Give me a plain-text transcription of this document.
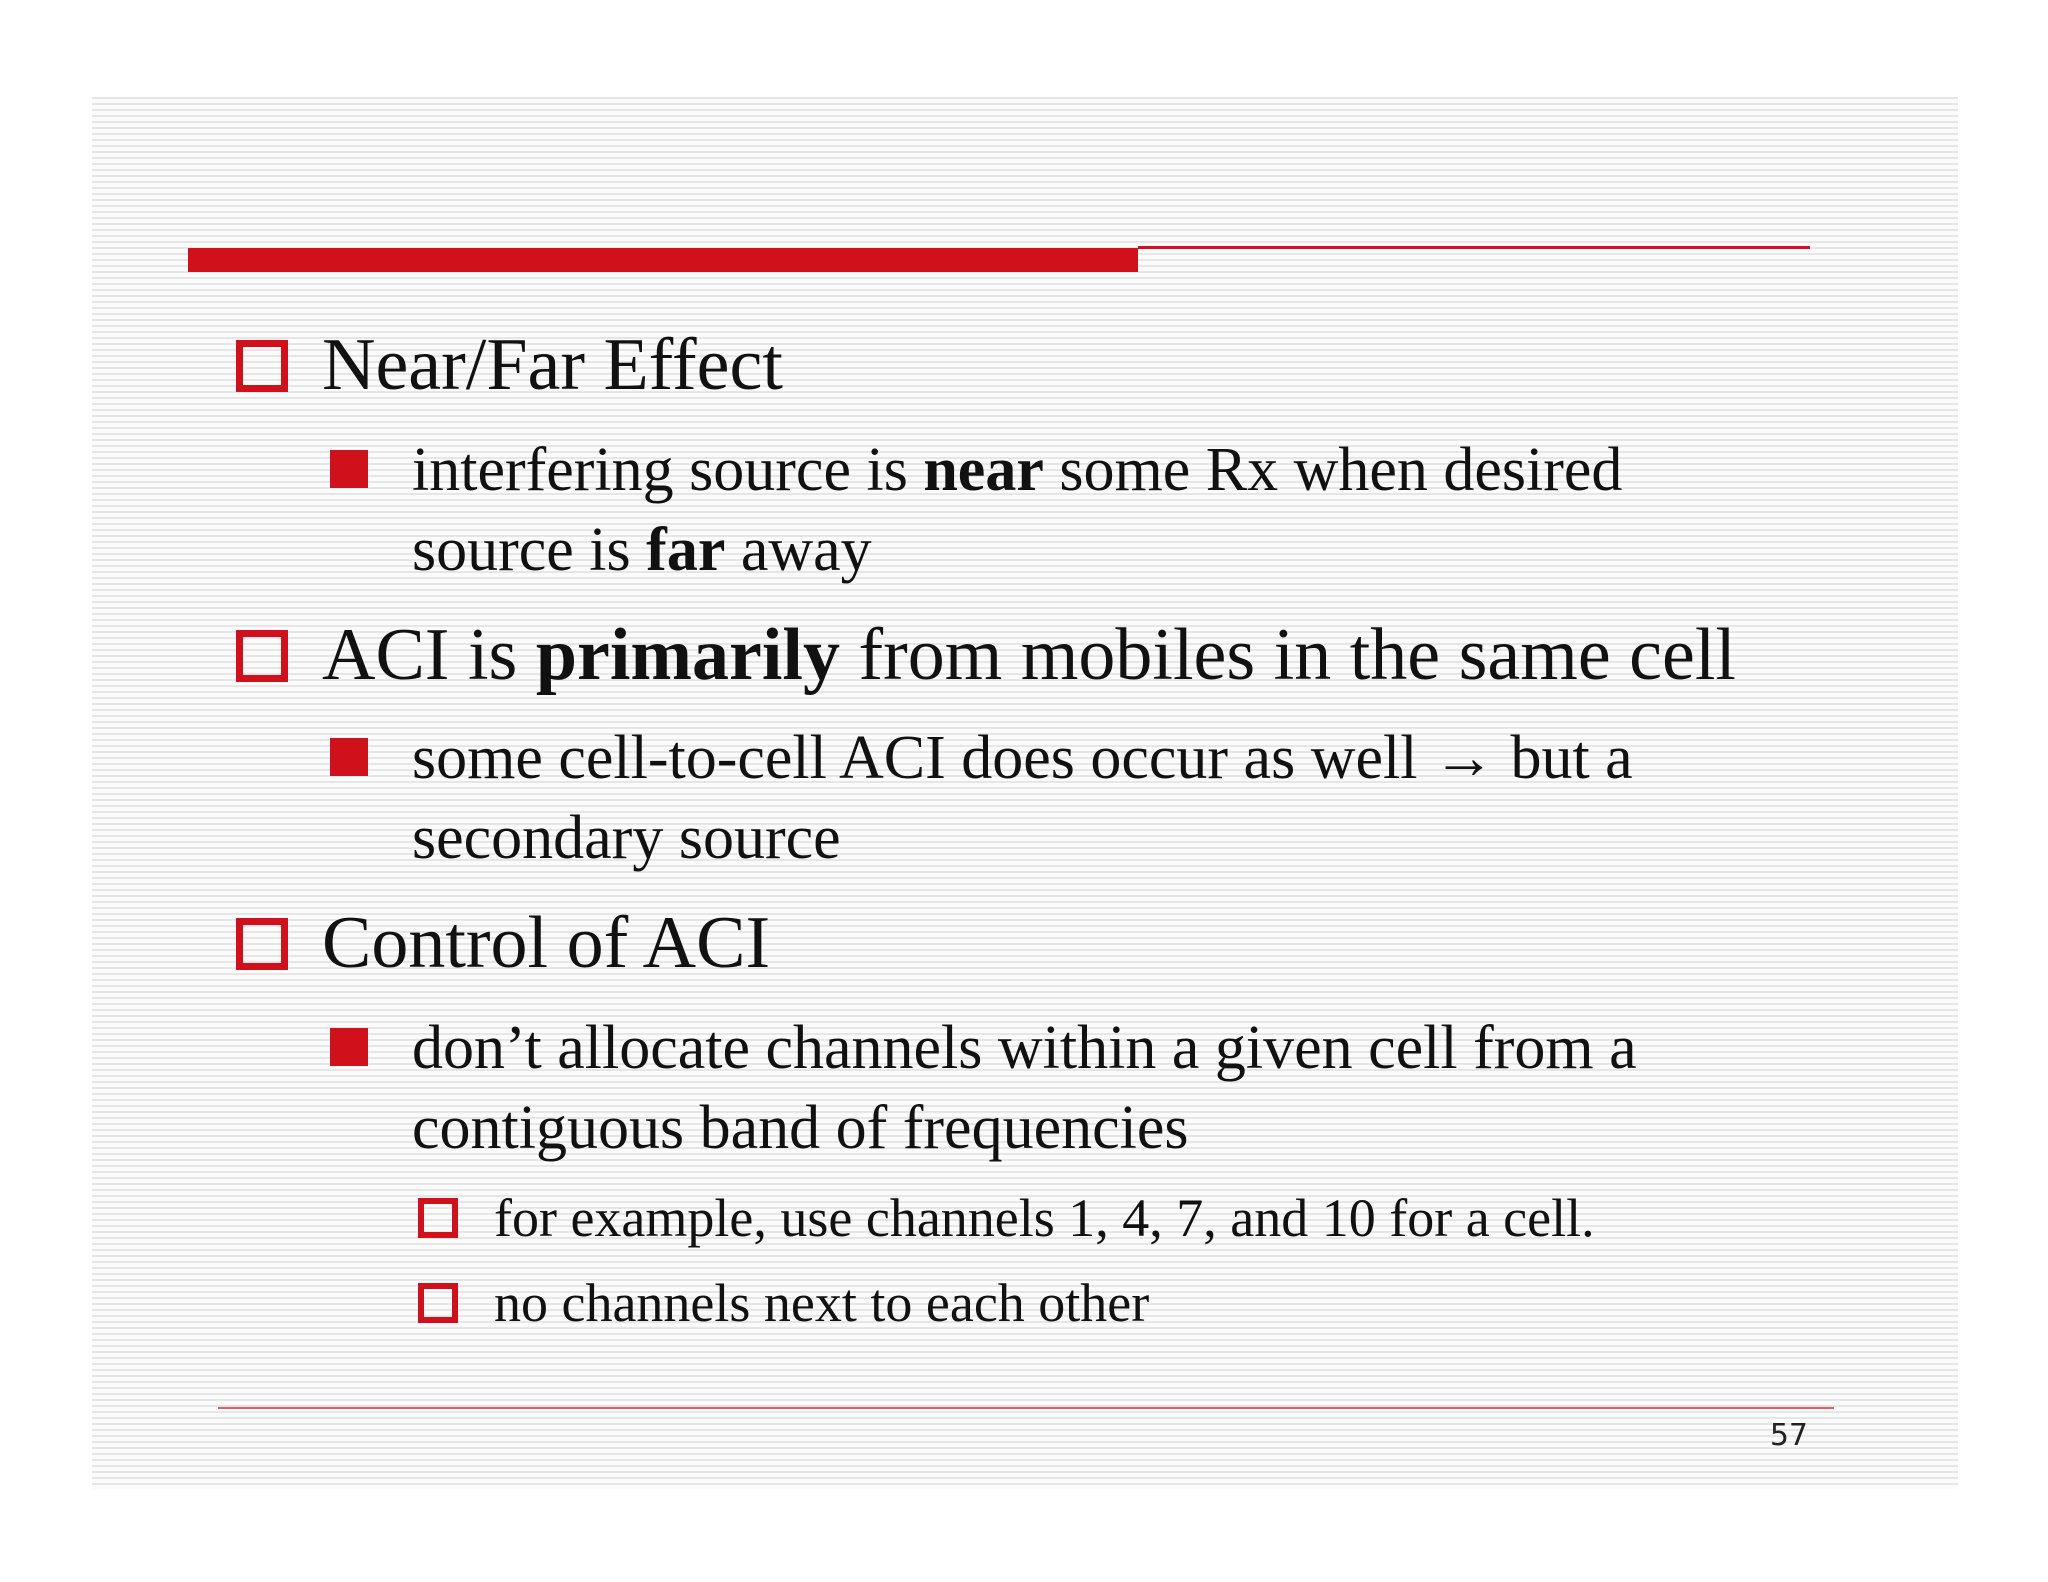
Near/Far Effect
interfering source is near some Rx when desired
source is far away
ACI is primarily from mobiles in the same cell
some cell-to-cell ACI does occur as well → but a
secondary source
Control of ACI
don’t allocate channels within a given cell from a
contiguous band of frequencies
for example, use channels 1, 4, 7, and 10 for a cell.
no channels next to each other
57
